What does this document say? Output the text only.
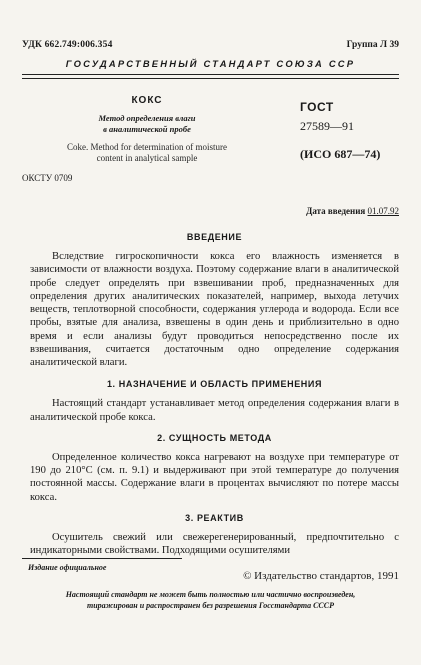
УДК 662.749:006.354	Группа Л 39
ГОСУДАРСТВЕННЫЙ СТАНДАРТ СОЮЗА ССР
КОКС
Метод определения влаги
в аналитической пробе
Coke. Method for determination of moisture
content in analytical sample
ГОСТ
27589—91
(ИСО 687—74)
ОКСТУ 0709
Дата введения 01.07.92
ВВЕДЕНИЕ

Вследствие гигроскопичности кокса его влажность изменяется в зависимости от влажности воздуха. Поэтому содержание влаги в аналитической пробе следует определять при взвешивании проб, предназначенных для определения других аналитических показателей, например, выхода летучих веществ, теплотворной способности, содержания углерода и водорода. Если все пробы, взятые для анализа, взвешены в один день и приблизительно в одно время и если анализы будут проводиться непосредственно после их взвешивания, считается достаточным одно определение содержания аналитической влаги.

1. НАЗНАЧЕНИЕ И ОБЛАСТЬ ПРИМЕНЕНИЯ

Настоящий стандарт устанавливает метод определения содержания влаги в аналитической пробе кокса.

2. СУЩНОСТЬ МЕТОДА

Определенное количество кокса нагревают на воздухе при температуре от 190 до 210°С (см. п. 9.1) и выдерживают при этой температуре до получения постоянной массы. Содержание влаги в процентах вычисляют по потере массы кокса.

3. РЕАКТИВ

Осушитель свежий или свежерегенерированный, предпочтительно с индикаторными свойствами. Подходящими осушителями

Издание официальное
© Издательство стандартов, 1991
Настоящий стандарт не может быть полностью или частично воспроизведен,
тиражирован и распространен без разрешения Госстандарта СССР
